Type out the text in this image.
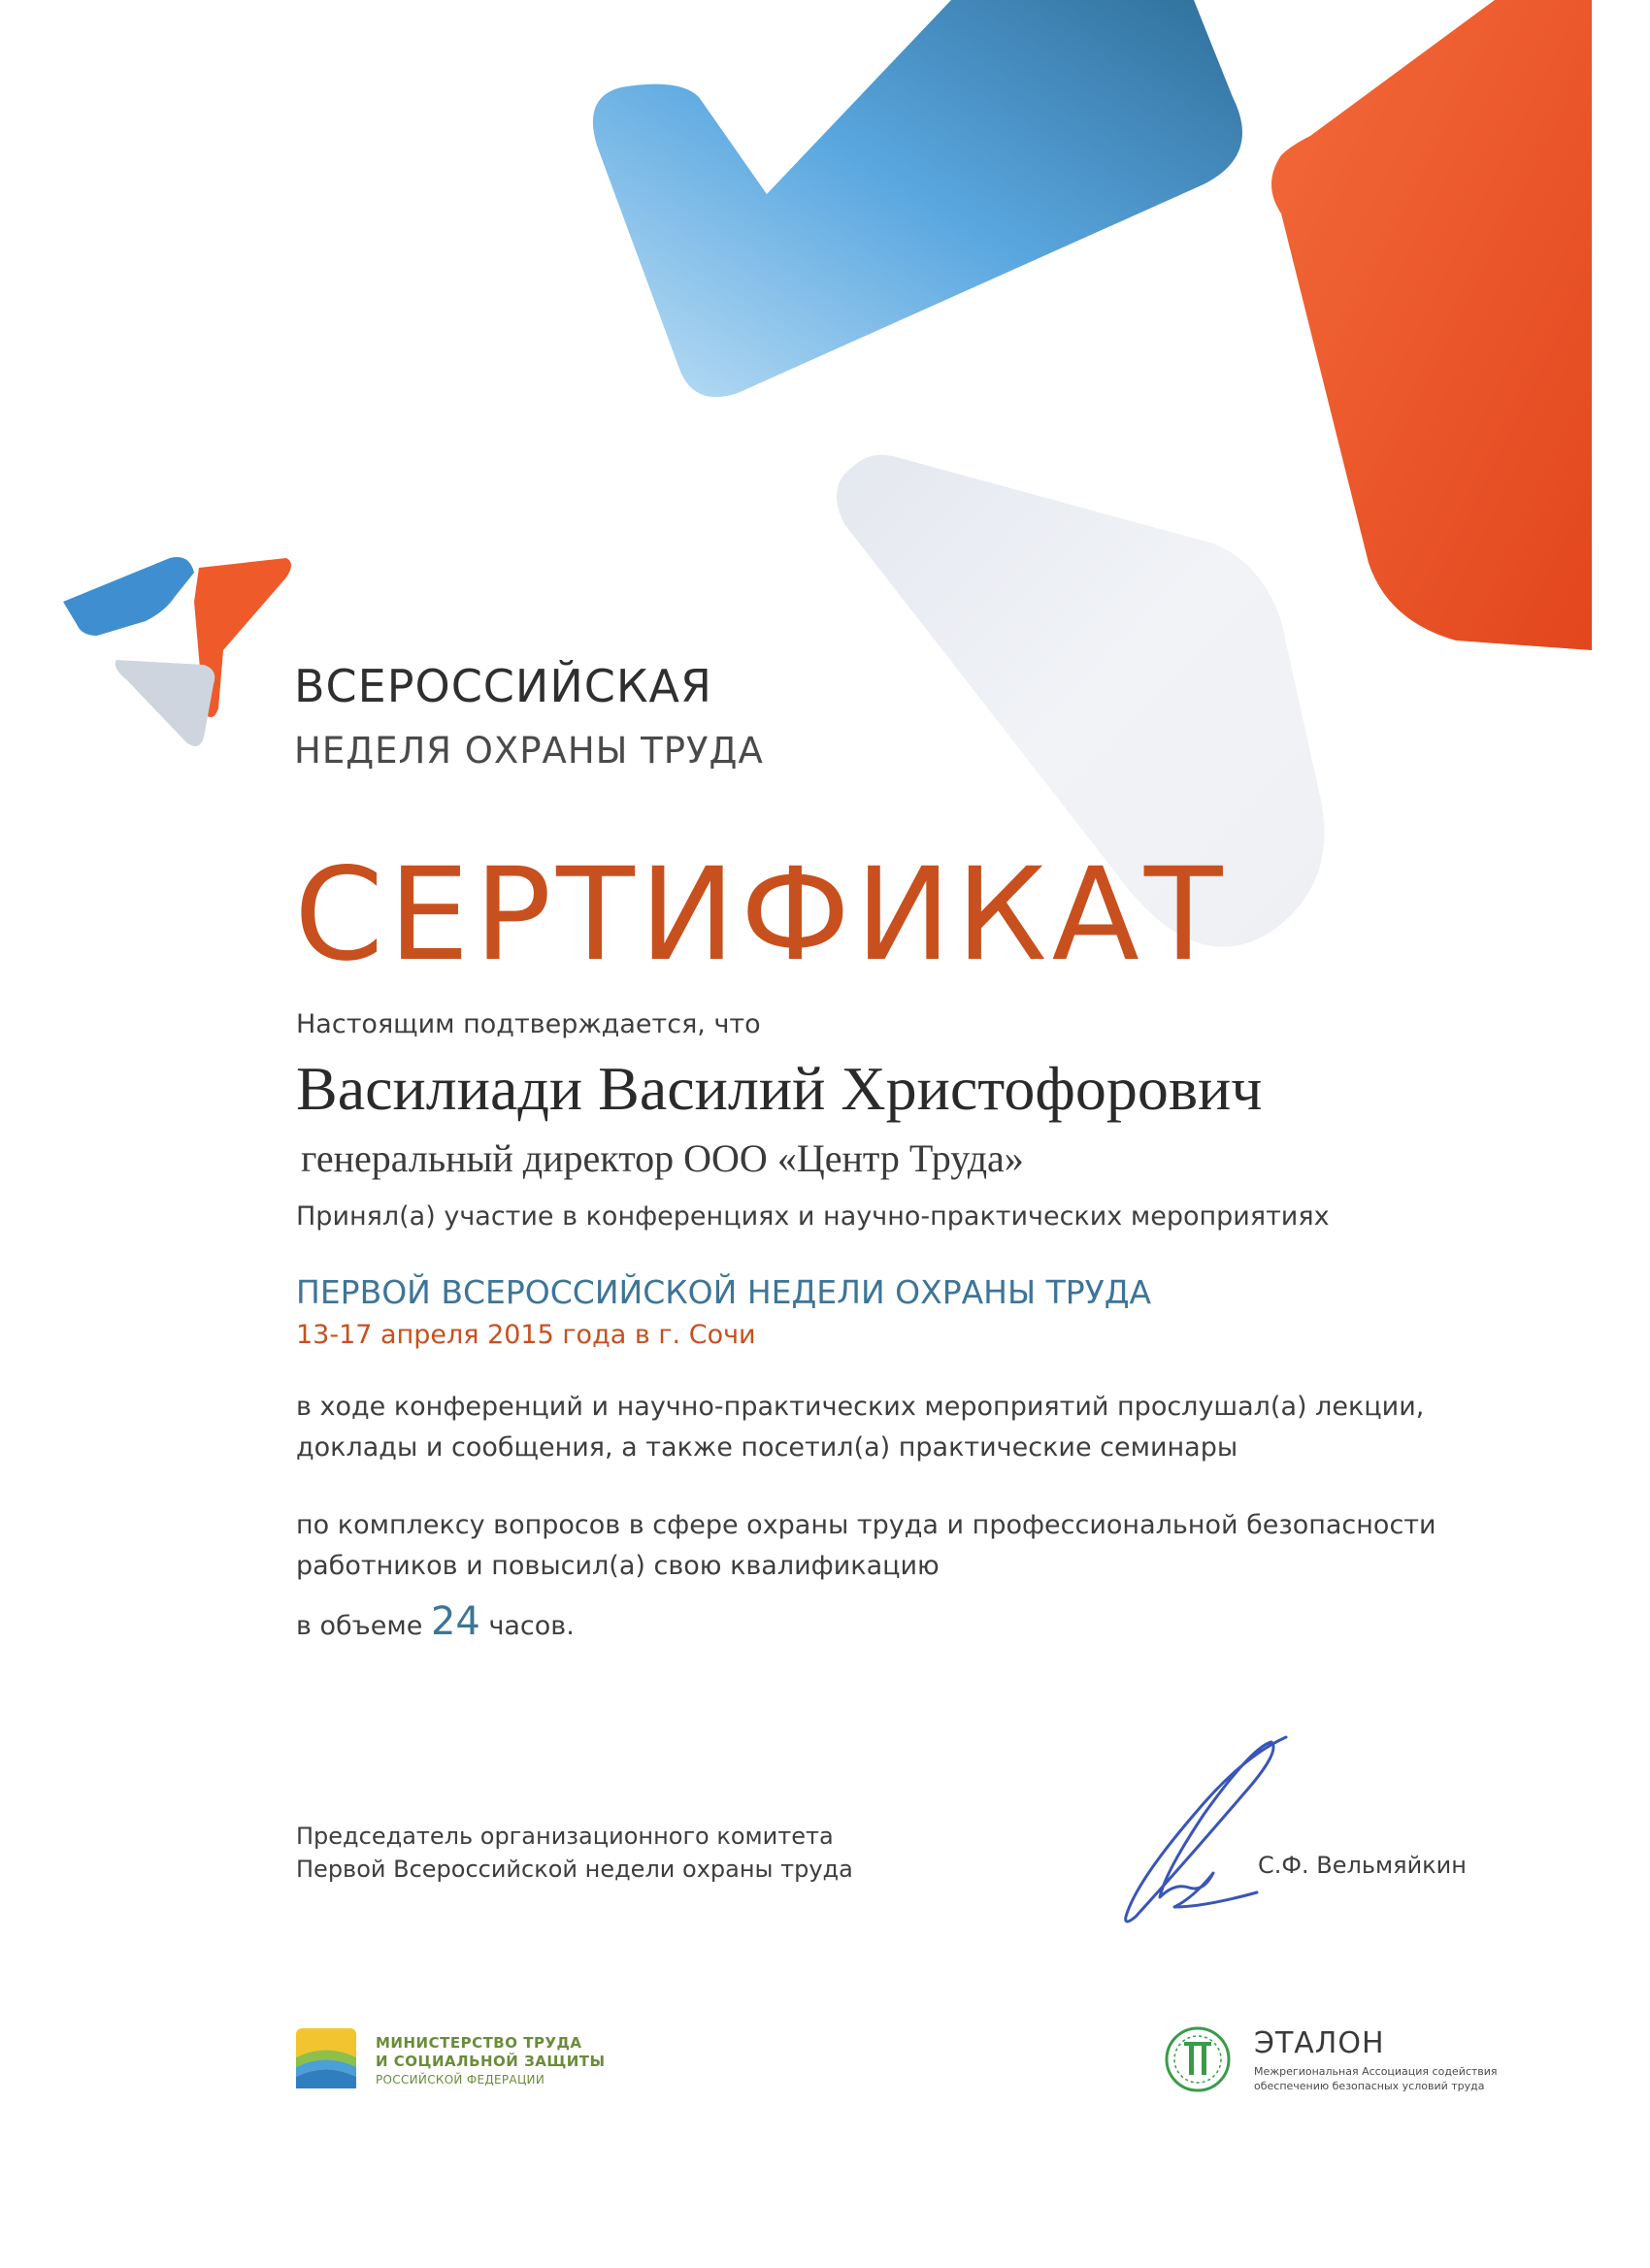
ВСЕРОССИЙСКАЯ
НЕДЕЛЯ ОХРАНЫ ТРУДА
СЕРТИФИКАТ
Настоящим подтверждается, что
Василиади Василий Христофорович
генеральный директор ООО «Центр Труда»
Принял(а) участие в конференциях и научно-практических мероприятиях
ПЕРВОЙ ВСЕРОССИЙСКОЙ НЕДЕЛИ ОХРАНЫ ТРУДА
13-17 апреля 2015 года в г. Сочи
в ходе конференций и научно-практических мероприятий прослушал(а) лекции,
доклады и сообщения, а также посетил(а) практические семинары
по комплексу вопросов в сфере охраны труда и профессиональной безопасности
работников и повысил(а) свою квалификацию
в объеме 24 часов.
Председатель организационного комитета
Первой Всероссийской недели охраны труда	С.Ф. Вельмяйкин
МИНИСТЕРСТВО ТРУДА
И СОЦИАЛЬНОЙ ЗАЩИТЫ
РОССИЙСКОЙ ФЕДЕРАЦИИ
ЭТАЛОН
Межрегиональная Ассоциация содействия
обеспечению безопасных условий труда
